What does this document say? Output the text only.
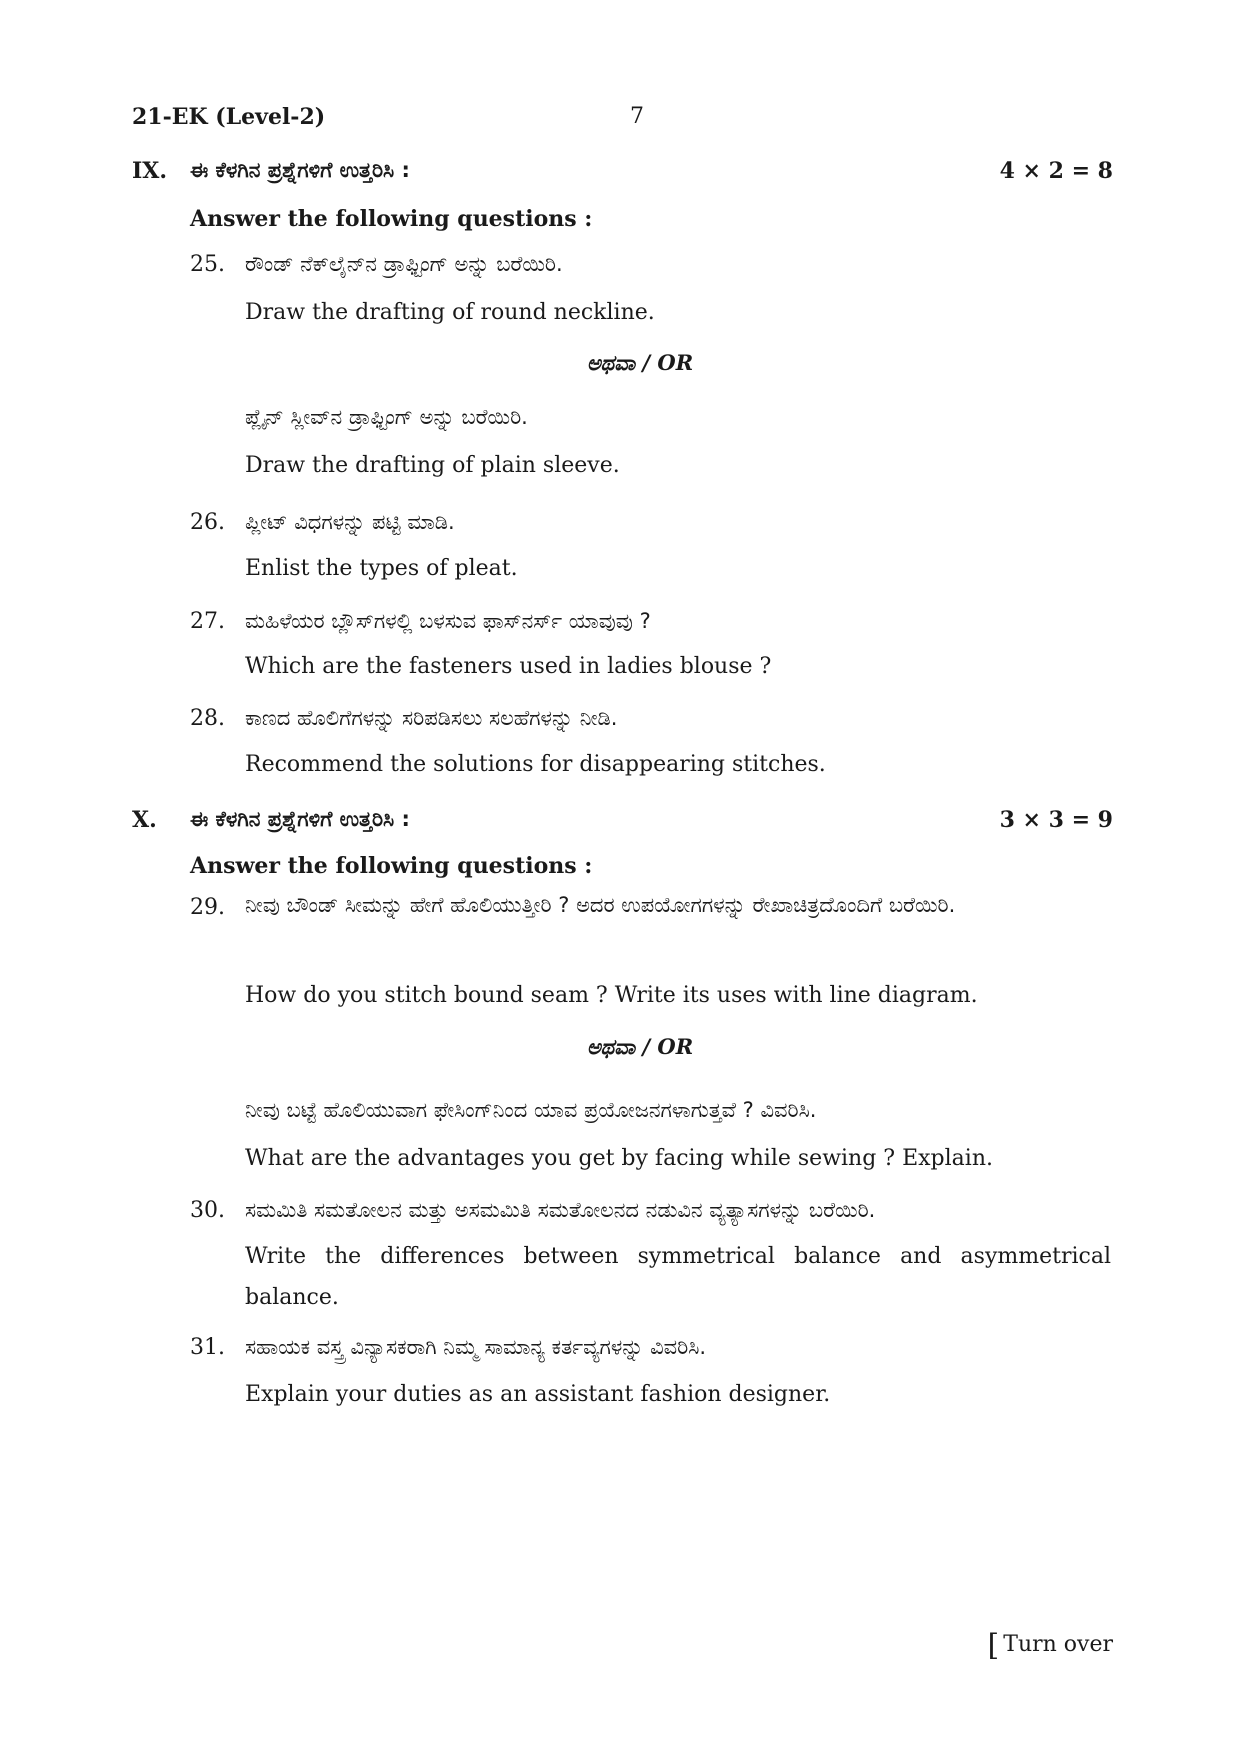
21-EK (Level-2)	7
IX. ಈ ಕೆಳಗಿನ ಪ್ರಶ್ನೆಗಳಿಗೆ ಉತ್ತರಿಸಿ :	4 × 2 = 8
Answer the following questions :
25. ರೌಂಡ್ ನೆಕ್‌ಲೈನ್‌ನ ಡ್ರಾಫ್ಟಿಂಗ್ ಅನ್ನು ಬರೆಯಿರಿ.
Draw the drafting of round neckline.
ಅಥವಾ / OR
ಪ್ಲೈನ್ ಸ್ಲೀವ್‌ನ ಡ್ರಾಫ್ಟಿಂಗ್ ಅನ್ನು ಬರೆಯಿರಿ.
Draw the drafting of plain sleeve.
26. ಪ್ಲೀಟ್ ವಿಧಗಳನ್ನು ಪಟ್ಟಿ ಮಾಡಿ.
Enlist the types of pleat.
27. ಮಹಿಳೆಯರ ಬ್ಲೌಸ್‌ಗಳಲ್ಲಿ ಬಳಸುವ ಫಾಸ್‌ನರ್ಸ್ ಯಾವುವು ?
Which are the fasteners used in ladies blouse ?
28. ಕಾಣದ ಹೊಲಿಗೆಗಳನ್ನು ಸರಿಪಡಿಸಲು ಸಲಹೆಗಳನ್ನು ನೀಡಿ.
Recommend the solutions for disappearing stitches.
X. ಈ ಕೆಳಗಿನ ಪ್ರಶ್ನೆಗಳಿಗೆ ಉತ್ತರಿಸಿ :	3 × 3 = 9
Answer the following questions :
29. ನೀವು ಬೌಂಡ್ ಸೀಮನ್ನು ಹೇಗೆ ಹೊಲಿಯುತ್ತೀರಿ ? ಅದರ ಉಪಯೋಗಗಳನ್ನು ರೇಖಾಚಿತ್ರದೊಂದಿಗೆ ಬರೆಯಿರಿ.
How do you stitch bound seam ? Write its uses with line diagram.
ಅಥವಾ / OR
ನೀವು ಬಟ್ಟೆ ಹೊಲಿಯುವಾಗ ಫೇಸಿಂಗ್‌ನಿಂದ ಯಾವ ಪ್ರಯೋಜನಗಳಾಗುತ್ತವೆ ? ವಿವರಿಸಿ.
What are the advantages you get by facing while sewing ? Explain.
30. ಸಮಮಿತಿ ಸಮತೋಲನ ಮತ್ತು ಅಸಮಮಿತಿ ಸಮತೋಲನದ ನಡುವಿನ ವ್ಯತ್ಯಾಸಗಳನ್ನು ಬರೆಯಿರಿ.
Write the differences between symmetrical balance and asymmetrical balance.
31. ಸಹಾಯಕ ವಸ್ತ್ರ ವಿನ್ಯಾಸಕರಾಗಿ ನಿಮ್ಮ ಸಾಮಾನ್ಯ ಕರ್ತವ್ಯಗಳನ್ನು ವಿವರಿಸಿ.
Explain your duties as an assistant fashion designer.
[ Turn over
